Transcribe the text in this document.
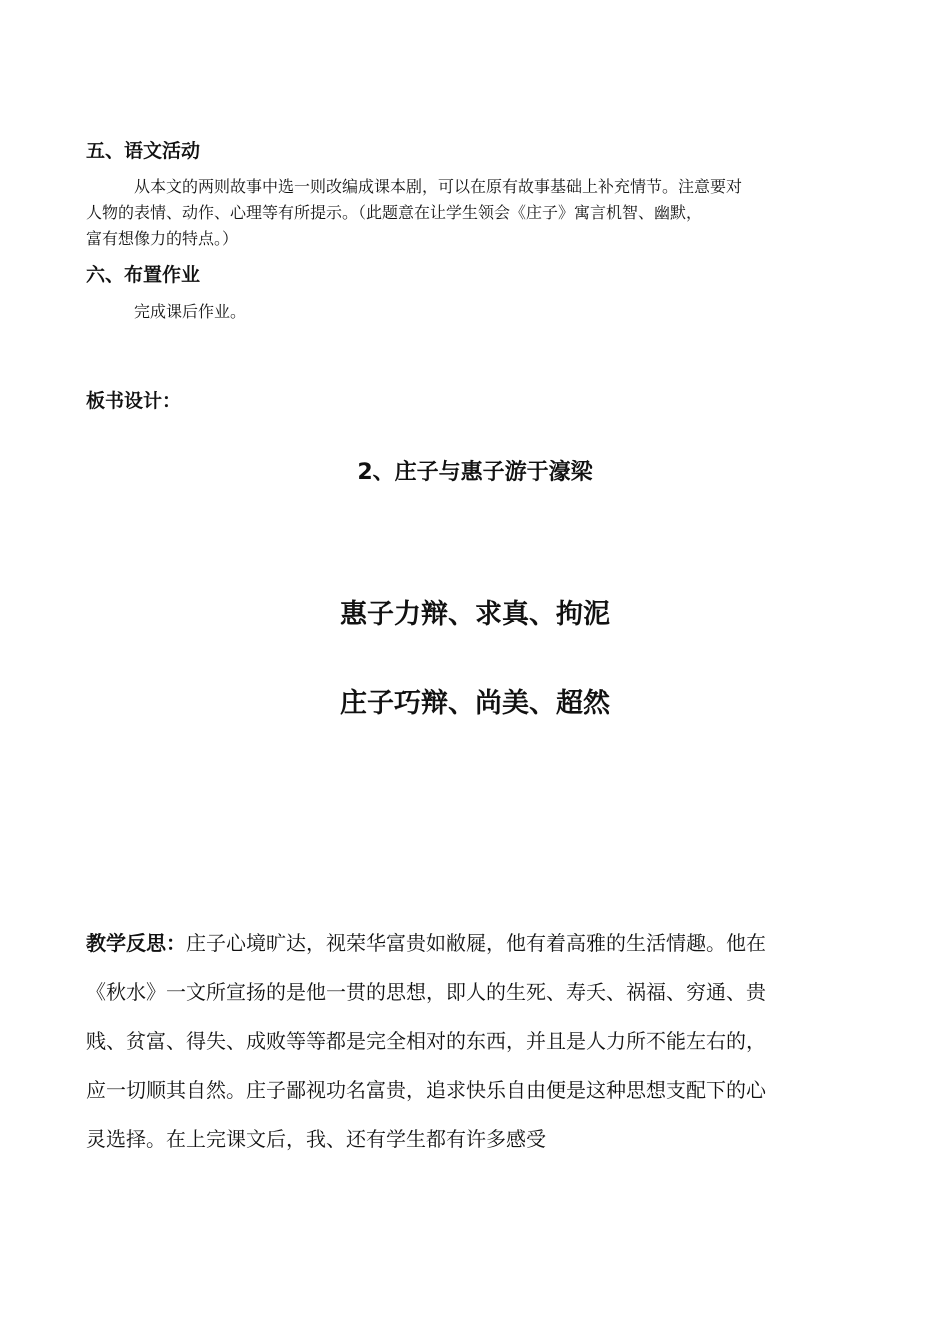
五、语文活动
从本文的两则故事中选一则改编成课本剧，可以在原有故事基础上补充情节。注意要对
人物的表情、动作、心理等有所提示。（此题意在让学生领会《庄子》寓言机智、幽默，
富有想像力的特点。）
六、布置作业
完成课后作业。
板书设计：
2、庄子与惠子游于濠梁
惠子力辩、求真、拘泥
庄子巧辩、尚美、超然
教学反思：庄子心境旷达，视荣华富贵如敝屣，他有着高雅的生活情趣。他在
《秋水》一文所宣扬的是他一贯的思想，即人的生死、寿夭、祸福、穷通、贵
贱、贫富、得失、成败等等都是完全相对的东西，并且是人力所不能左右的，
应一切顺其自然。庄子鄙视功名富贵，追求快乐自由便是这种思想支配下的心
灵选择。在上完课文后，我、还有学生都有许多感受
